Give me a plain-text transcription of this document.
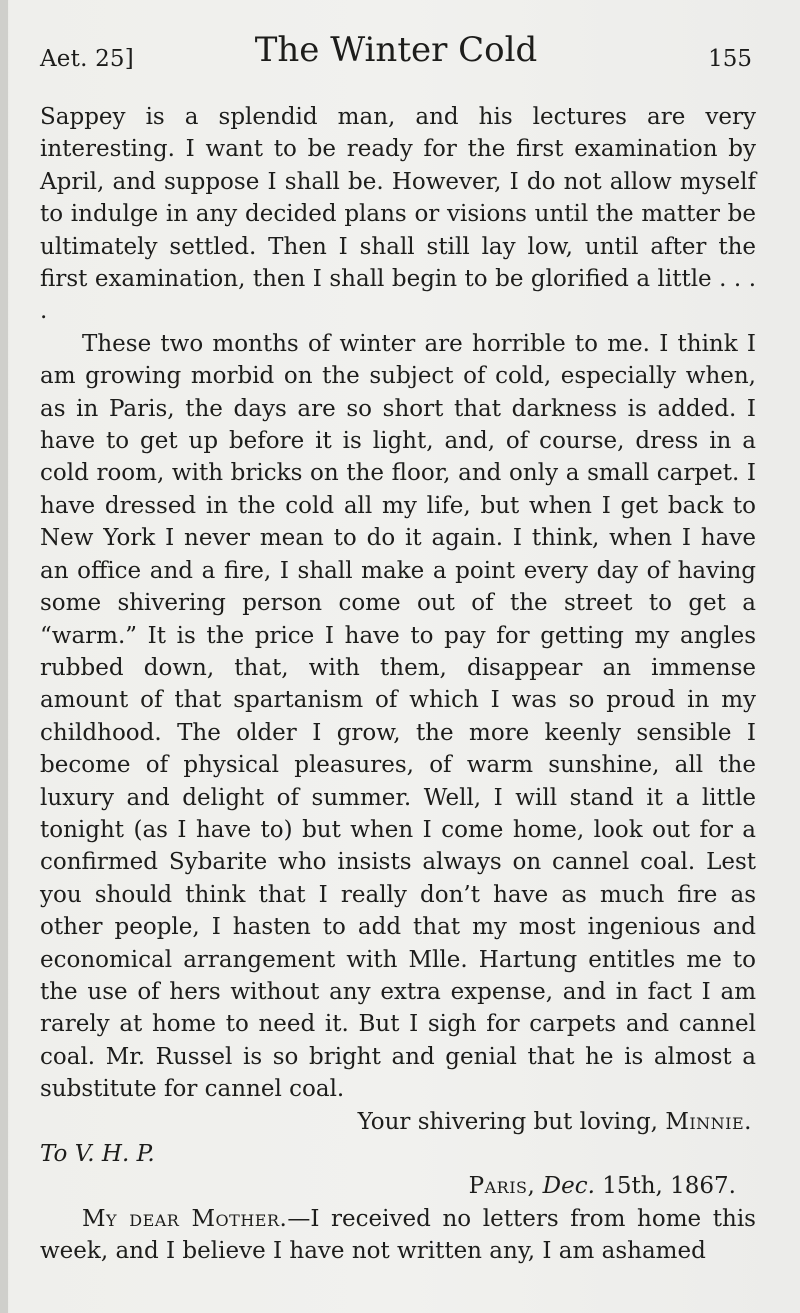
Aet. 25]	The Winter Cold	155

Sappey is a splendid man, and his lectures are very interesting. I want to be ready for the first examination by April, and suppose I shall be. However, I do not allow myself to indulge in any decided plans or visions until the matter be ultimately settled. Then I shall still lay low, until after the first examination, then I shall begin to be glorified a little . . . .

These two months of winter are horrible to me. I think I am growing morbid on the subject of cold, especially when, as in Paris, the days are so short that darkness is added. I have to get up before it is light, and, of course, dress in a cold room, with bricks on the floor, and only a small carpet. I have dressed in the cold all my life, but when I get back to New York I never mean to do it again. I think, when I have an office and a fire, I shall make a point every day of having some shivering person come out of the street to get a “warm.” It is the price I have to pay for getting my angles rubbed down, that, with them, disappear an immense amount of that spartanism of which I was so proud in my childhood. The older I grow, the more keenly sensible I become of physical pleasures, of warm sunshine, all the luxury and delight of summer. Well, I will stand it a little tonight (as I have to) but when I come home, look out for a confirmed Sybarite who insists always on cannel coal. Lest you should think that I really don’t have as much fire as other people, I hasten to add that my most ingenious and economical arrangement with Mlle. Hartung entitles me to the use of hers without any extra expense, and in fact I am rarely at home to need it. But I sigh for carpets and cannel coal. Mr. Russel is so bright and genial that he is almost a substitute for cannel coal.

Your shivering but loving, Minnie.

To V. H. P.

Paris, Dec. 15th, 1867.

My dear Mother.—I received no letters from home this week, and I believe I have not written any, I am ashamed
